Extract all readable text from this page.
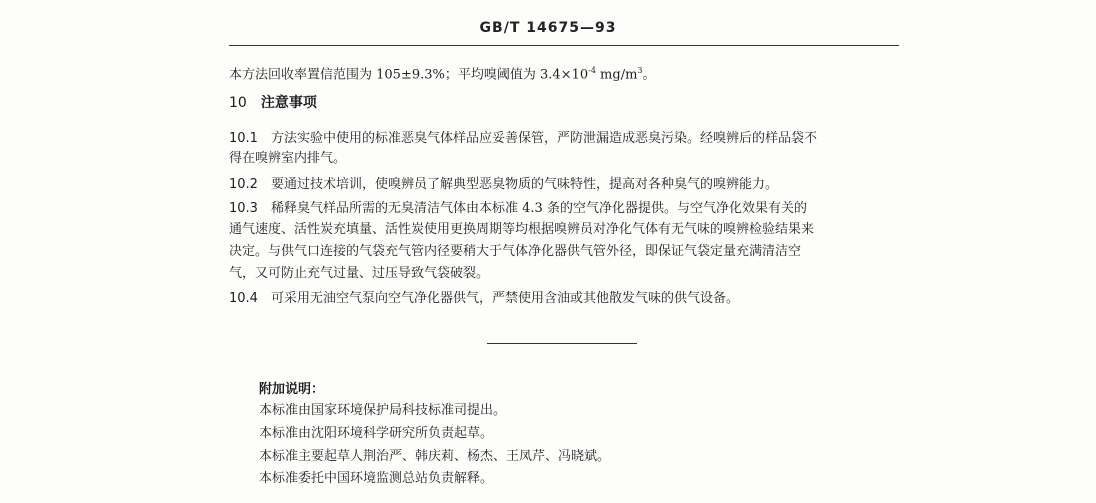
GB/T 14675—93
本方法回收率置信范围为 105±9.3%；平均嗅阈值为 $3.4\times 10^{-4}$ $mg/m^3$。
10 注意事项
10.1 方法实验中使用的标准恶臭气体样品应妥善保管，严防泄漏造成恶臭污染。经嗅辨后的样品袋不
得在嗅辨室内排气。
10.2 要通过技术培训，使嗅辨员了解典型恶臭物质的气味特性，提高对各种臭气的嗅辨能力。
10.3 稀释臭气样品所需的无臭清洁气体由本标准 4.3 条的空气净化器提供。与空气净化效果有关的
通气速度、活性炭充填量、活性炭使用更换周期等均根据嗅辨员对净化气体有无气味的嗅辨检验结果来
决定。与供气口连接的气袋充气管内径要稍大于气体净化器供气管外径，即保证气袋定量充满清洁空
气，又可防止充气过量、过压导致气袋破裂。
10.4 可采用无油空气泵向空气净化器供气，严禁使用含油或其他散发气味的供气设备。
附加说明：
本标准由国家环境保护局科技标准司提出。
本标准由沈阳环境科学研究所负责起草。
本标准主要起草人荆治严、韩庆莉、杨杰、王凤芹、冯晓斌。
本标准委托中国环境监测总站负责解释。
